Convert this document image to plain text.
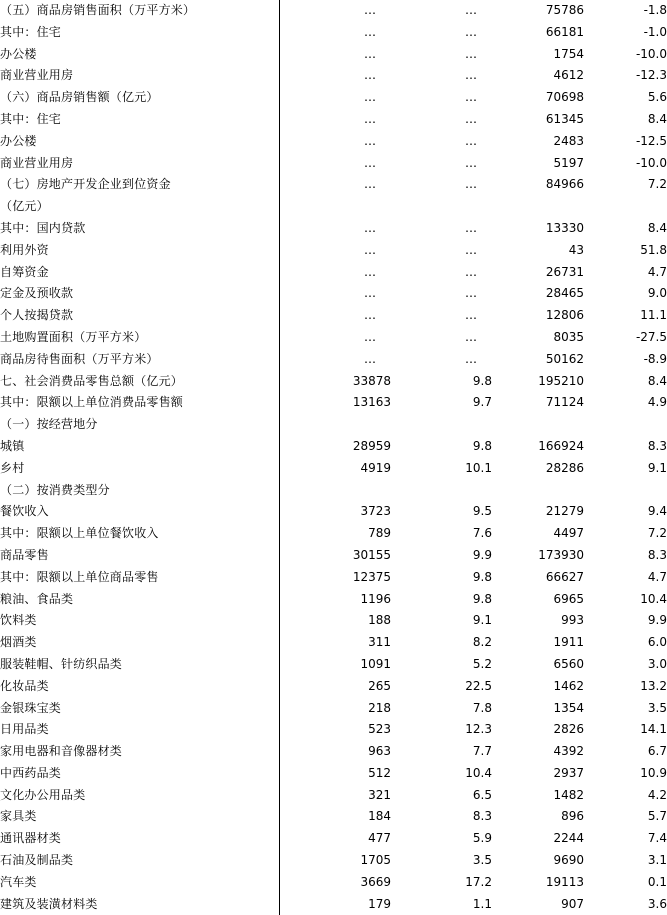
（五）商品房销售面积（万平方米）	…	…	75786	-1.8
其中：住宅	…	…	66181	-1.0
办公楼	…	…	1754	-10.0
商业营业用房	…	…	4612	-12.3
（六）商品房销售额（亿元）	…	…	70698	5.6
其中：住宅	…	…	61345	8.4
办公楼	…	…	2483	-12.5
商业营业用房	…	…	5197	-10.0
（七）房地产开发企业到位资金	…	…	84966	7.2
（亿元）				
其中：国内贷款	…	…	13330	8.4
利用外资	…	…	43	51.8
自筹资金	…	…	26731	4.7
定金及预收款	…	…	28465	9.0
个人按揭贷款	…	…	12806	11.1
土地购置面积（万平方米）	…	…	8035	-27.5
商品房待售面积（万平方米）	…	…	50162	-8.9
七、社会消费品零售总额（亿元）	33878	9.8	195210	8.4
其中：限额以上单位消费品零售额	13163	9.7	71124	4.9
（一）按经营地分				
城镇	28959	9.8	166924	8.3
乡村	4919	10.1	28286	9.1
（二）按消费类型分				
餐饮收入	3723	9.5	21279	9.4
其中：限额以上单位餐饮收入	789	7.6	4497	7.2
商品零售	30155	9.9	173930	8.3
其中：限额以上单位商品零售	12375	9.8	66627	4.7
粮油、食品类	1196	9.8	6965	10.4
饮料类	188	9.1	993	9.9
烟酒类	311	8.2	1911	6.0
服装鞋帽、针纺织品类	1091	5.2	6560	3.0
化妆品类	265	22.5	1462	13.2
金银珠宝类	218	7.8	1354	3.5
日用品类	523	12.3	2826	14.1
家用电器和音像器材类	963	7.7	4392	6.7
中西药品类	512	10.4	2937	10.9
文化办公用品类	321	6.5	1482	4.2
家具类	184	8.3	896	5.7
通讯器材类	477	5.9	2244	7.4
石油及制品类	1705	3.5	9690	3.1
汽车类	3669	17.2	19113	0.1
建筑及装潢材料类	179	1.1	907	3.6
